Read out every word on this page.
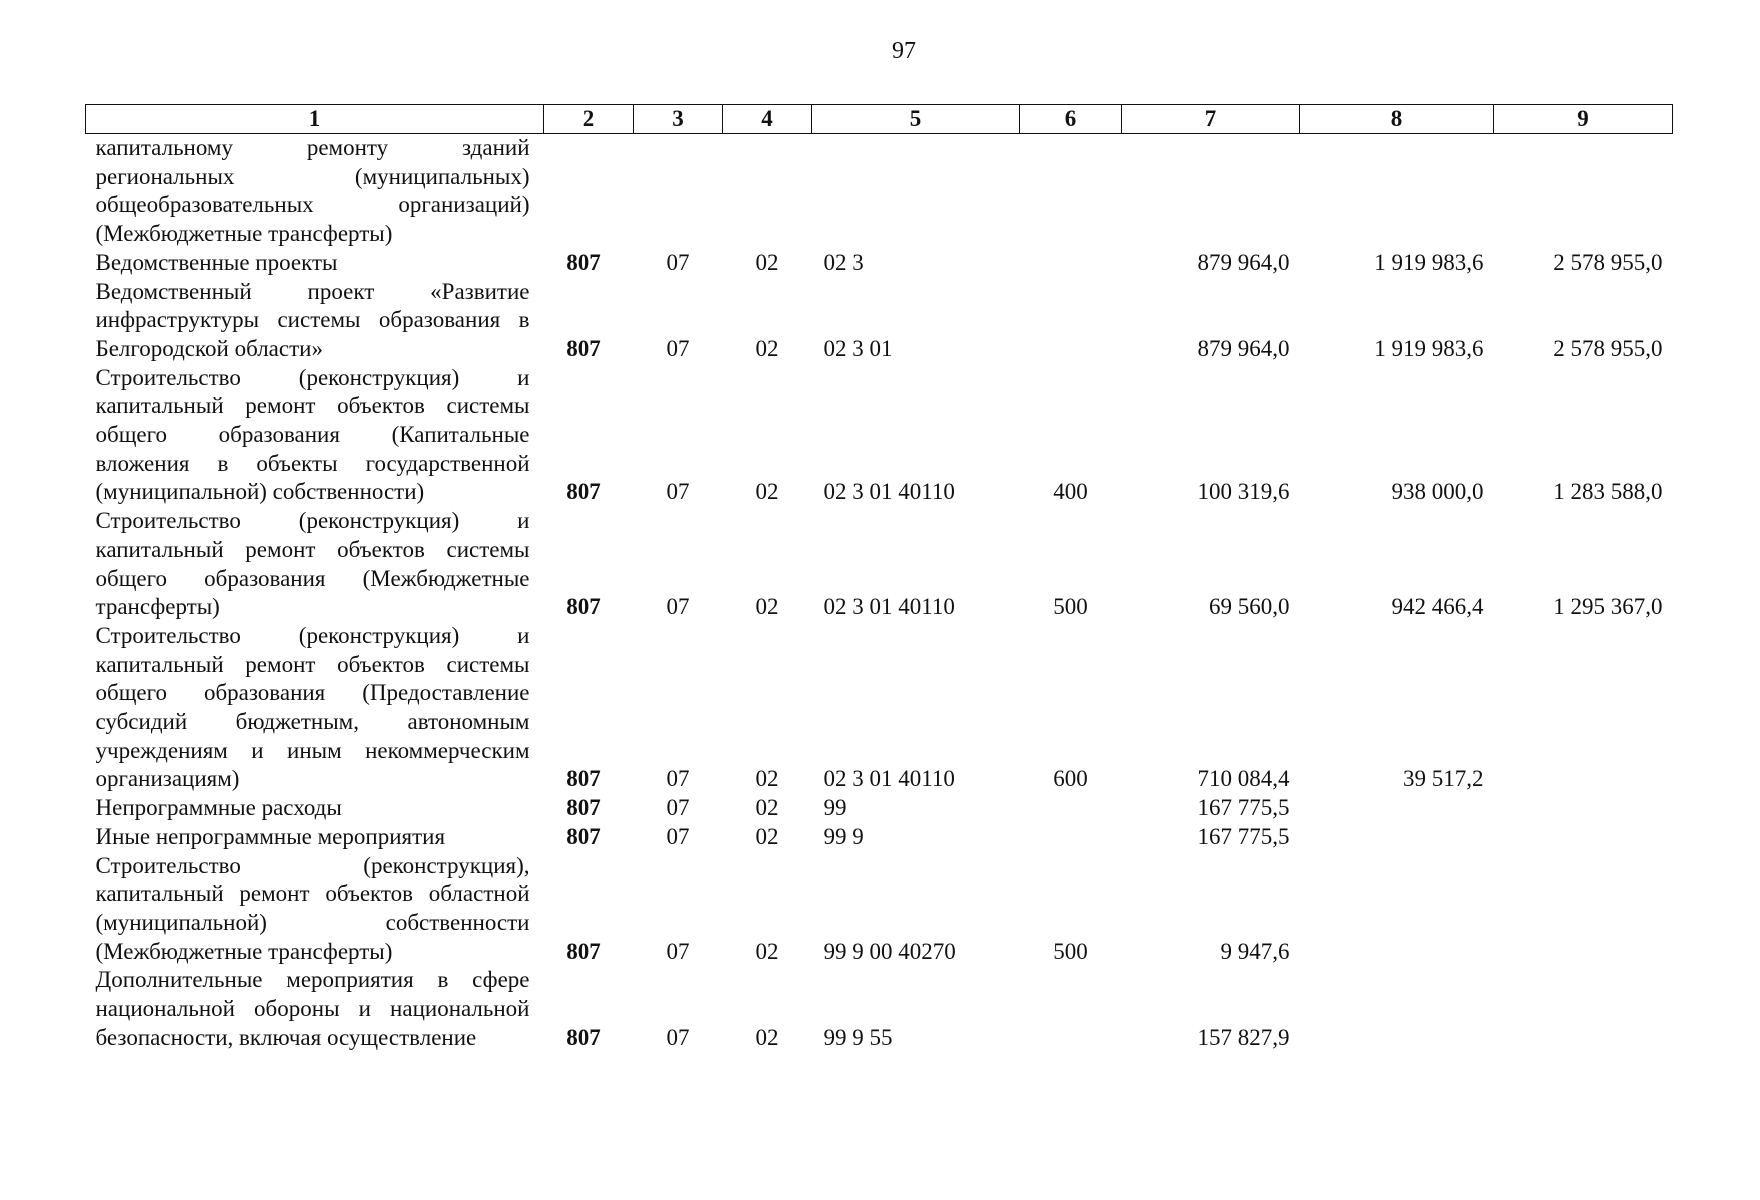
97
1	2	3	4	5	6	7	8	9
капитальному ремонту зданий региональных (муниципальных) общеобразовательных организаций) (Межбюджетные трансферты)								
Ведомственные проекты	807	07	02	02 3		879 964,0	1 919 983,6	2 578 955,0
Ведомственный проект «Развитие инфраструктуры системы образования в Белгородской области»	807	07	02	02 3 01		879 964,0	1 919 983,6	2 578 955,0
Строительство (реконструкция) и капитальный ремонт объектов системы общего образования (Капитальные вложения в объекты государственной (муниципальной) собственности)	807	07	02	02 3 01 40110	400	100 319,6	938 000,0	1 283 588,0
Строительство (реконструкция) и капитальный ремонт объектов системы общего образования (Межбюджетные трансферты)	807	07	02	02 3 01 40110	500	69 560,0	942 466,4	1 295 367,0
Строительство (реконструкция) и капитальный ремонт объектов системы общего образования (Предоставление субсидий бюджетным, автономным учреждениям и иным некоммерческим организациям)	807	07	02	02 3 01 40110	600	710 084,4	39 517,2	
Непрограммные расходы	807	07	02	99		167 775,5		
Иные непрограммные мероприятия	807	07	02	99 9		167 775,5		
Строительство (реконструкция), капитальный ремонт объектов областной (муниципальной) собственности (Межбюджетные трансферты)	807	07	02	99 9 00 40270	500	9 947,6		
Дополнительные мероприятия в сфере национальной обороны и национальной безопасности, включая осуществление	807	07	02	99 9 55		157 827,9		
